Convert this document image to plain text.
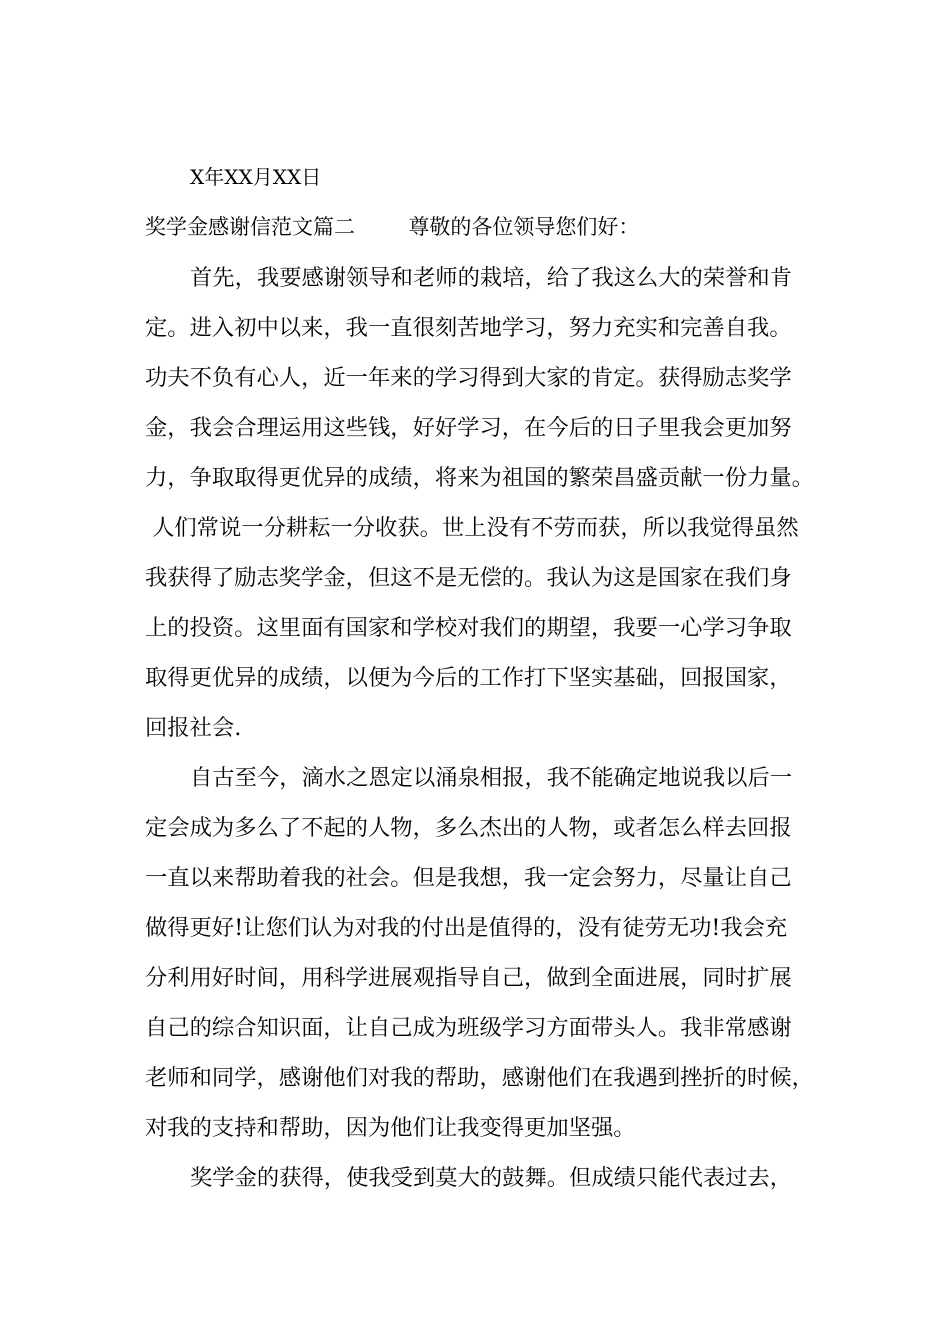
X年XX月XX日

奖学金感谢信范文篇二        尊敬的各位领导您们好：

首先，我要感谢领导和老师的栽培，给了我这么大的荣誉和肯

定。进入初中以来，我一直很刻苦地学习，努力充实和完善自我。

功夫不负有心人，近一年来的学习得到大家的肯定。获得励志奖学

金，我会合理运用这些钱，好好学习，在今后的日子里我会更加努

力，争取取得更优异的成绩，将来为祖国的繁荣昌盛贡献一份力量。

人们常说一分耕耘一分收获。世上没有不劳而获，所以我觉得虽然

我获得了励志奖学金，但这不是无偿的。我认为这是国家在我们身

上的投资。这里面有国家和学校对我们的期望，我要一心学习争取

取得更优异的成绩，以便为今后的工作打下坚实基础，回报国家，

回报社会.

自古至今，滴水之恩定以涌泉相报，我不能确定地说我以后一

定会成为多么了不起的人物，多么杰出的人物，或者怎么样去回报

一直以来帮助着我的社会。但是我想，我一定会努力，尽量让自己

做得更好!让您们认为对我的付出是值得的，没有徒劳无功!我会充

分利用好时间，用科学进展观指导自己，做到全面进展，同时扩展

自己的综合知识面，让自己成为班级学习方面带头人。我非常感谢

老师和同学，感谢他们对我的帮助，感谢他们在我遇到挫折的时候，

对我的支持和帮助，因为他们让我变得更加坚强。

奖学金的获得，使我受到莫大的鼓舞。但成绩只能代表过去，
